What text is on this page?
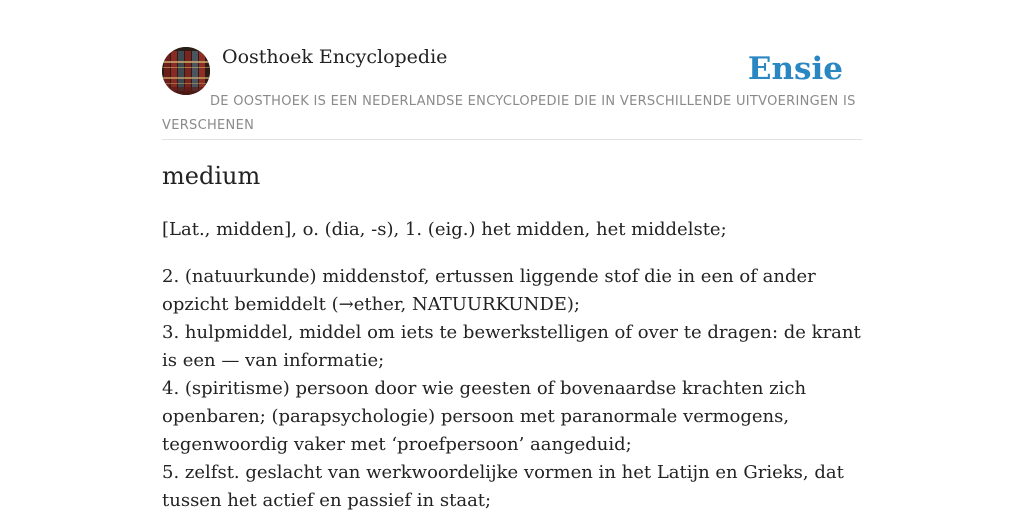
Oosthoek Encyclopedie	Ensie
DE OOSTHOEK IS EEN NEDERLANDSE ENCYCLOPEDIE DIE IN VERSCHILLENDE UITVOERINGEN IS VERSCHENEN
medium

[Lat., midden], o. (dia, -s), 1. (eig.) het midden, het middelste;

2. (natuurkunde) middenstof, ertussen liggende stof die in een of ander opzicht bemiddelt (→ether, NATUURKUNDE);
3. hulpmiddel, middel om iets te bewerkstelligen of over te dragen: de krant is een — van informatie;
4. (spiritisme) persoon door wie geesten of bovenaardse krachten zich openbaren; (parapsychologie) persoon met paranormale vermogens, tegenwoordig vaker met ‘proefpersoon’ aangeduid;
5. zelfst. geslacht van werkwoordelijke vormen in het Latijn en Grieks, dat tussen het actief en passief in staat;
